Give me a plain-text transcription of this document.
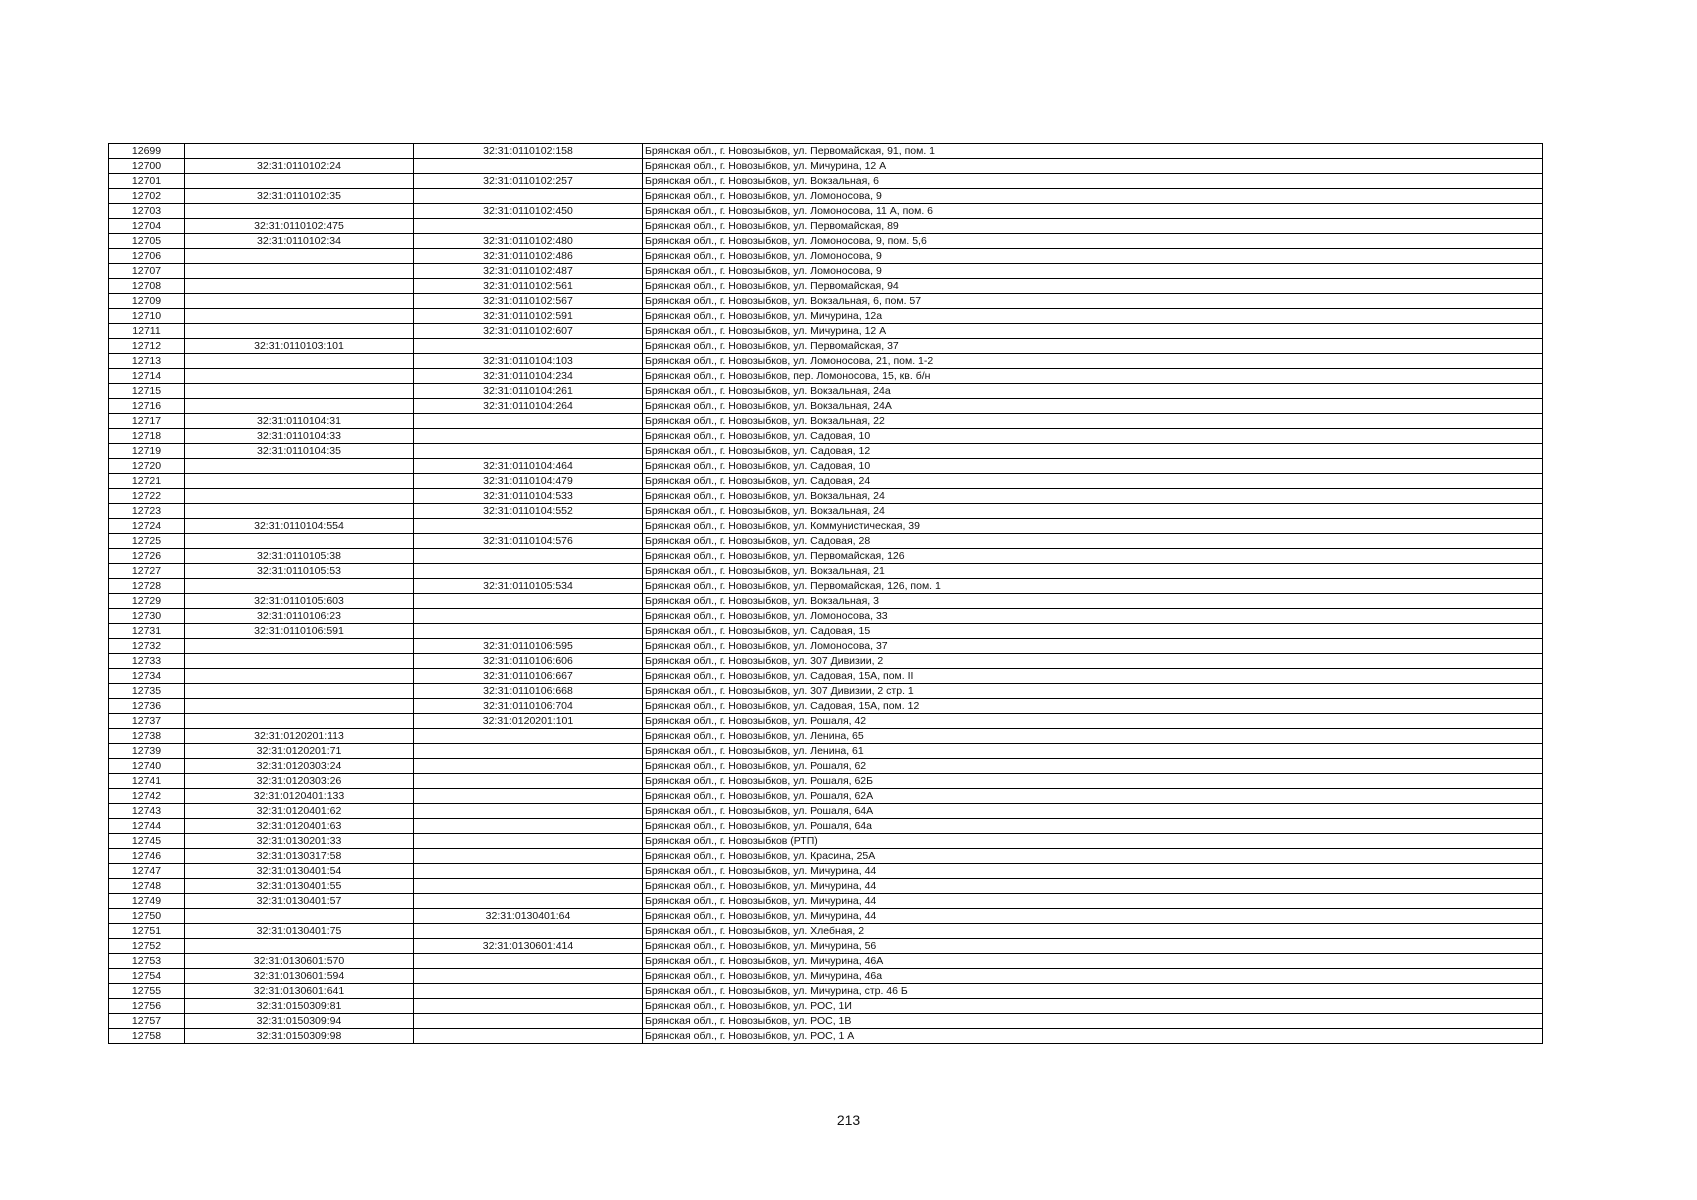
12699		32:31:0110102:158	Брянская обл., г. Новозыбков, ул. Первомайская, 91, пом. 1
12700	32:31:0110102:24		Брянская обл., г. Новозыбков, ул. Мичурина, 12 А
12701		32:31:0110102:257	Брянская обл., г. Новозыбков, ул. Вокзальная, 6
12702	32:31:0110102:35		Брянская обл., г. Новозыбков, ул. Ломоносова, 9
12703		32:31:0110102:450	Брянская обл., г. Новозыбков, ул. Ломоносова, 11 А, пом. 6
12704	32:31:0110102:475		Брянская обл., г. Новозыбков, ул. Первомайская, 89
12705	32:31:0110102:34	32:31:0110102:480	Брянская обл., г. Новозыбков, ул. Ломоносова, 9, пом. 5,6
12706		32:31:0110102:486	Брянская обл., г. Новозыбков, ул. Ломоносова, 9
12707		32:31:0110102:487	Брянская обл., г. Новозыбков, ул. Ломоносова, 9
12708		32:31:0110102:561	Брянская обл., г. Новозыбков, ул. Первомайская, 94
12709		32:31:0110102:567	Брянская обл., г. Новозыбков, ул. Вокзальная, 6, пом. 57
12710		32:31:0110102:591	Брянская обл., г. Новозыбков, ул. Мичурина, 12а
12711		32:31:0110102:607	Брянская обл., г. Новозыбков, ул. Мичурина, 12 А
12712	32:31:0110103:101		Брянская обл., г. Новозыбков, ул. Первомайская, 37
12713		32:31:0110104:103	Брянская обл., г. Новозыбков, ул. Ломоносова, 21, пом. 1-2
12714		32:31:0110104:234	Брянская обл., г. Новозыбков, пер. Ломоносова, 15, кв. б/н
12715		32:31:0110104:261	Брянская обл., г. Новозыбков, ул. Вокзальная, 24а
12716		32:31:0110104:264	Брянская обл., г. Новозыбков, ул. Вокзальная, 24А
12717	32:31:0110104:31		Брянская обл., г. Новозыбков, ул. Вокзальная, 22
12718	32:31:0110104:33		Брянская обл., г. Новозыбков, ул. Садовая, 10
12719	32:31:0110104:35		Брянская обл., г. Новозыбков, ул. Садовая, 12
12720		32:31:0110104:464	Брянская обл., г. Новозыбков, ул. Садовая, 10
12721		32:31:0110104:479	Брянская обл., г. Новозыбков, ул. Садовая, 24
12722		32:31:0110104:533	Брянская обл., г. Новозыбков, ул. Вокзальная, 24
12723		32:31:0110104:552	Брянская обл., г. Новозыбков, ул. Вокзальная, 24
12724	32:31:0110104:554		Брянская обл., г. Новозыбков, ул. Коммунистическая, 39
12725		32:31:0110104:576	Брянская обл., г. Новозыбков, ул. Садовая, 28
12726	32:31:0110105:38		Брянская обл., г. Новозыбков, ул. Первомайская, 126
12727	32:31:0110105:53		Брянская обл., г. Новозыбков, ул. Вокзальная, 21
12728		32:31:0110105:534	Брянская обл., г. Новозыбков, ул. Первомайская, 126, пом. 1
12729	32:31:0110105:603		Брянская обл., г. Новозыбков, ул. Вокзальная, 3
12730	32:31:0110106:23		Брянская обл., г. Новозыбков, ул. Ломоносова, 33
12731	32:31:0110106:591		Брянская обл., г. Новозыбков, ул. Садовая, 15
12732		32:31:0110106:595	Брянская обл., г. Новозыбков, ул. Ломоносова, 37
12733		32:31:0110106:606	Брянская обл., г. Новозыбков, ул. 307 Дивизии, 2
12734		32:31:0110106:667	Брянская обл., г. Новозыбков, ул. Садовая, 15А, пом. II
12735		32:31:0110106:668	Брянская обл., г. Новозыбков, ул. 307 Дивизии, 2 стр. 1
12736		32:31:0110106:704	Брянская обл., г. Новозыбков, ул. Садовая, 15А, пом. 12
12737		32:31:0120201:101	Брянская обл., г. Новозыбков, ул. Рошаля, 42
12738	32:31:0120201:113		Брянская обл., г. Новозыбков, ул. Ленина, 65
12739	32:31:0120201:71		Брянская обл., г. Новозыбков, ул. Ленина, 61
12740	32:31:0120303:24		Брянская обл., г. Новозыбков, ул. Рошаля, 62
12741	32:31:0120303:26		Брянская обл., г. Новозыбков, ул. Рошаля, 62Б
12742	32:31:0120401:133		Брянская обл., г. Новозыбков, ул. Рошаля, 62А
12743	32:31:0120401:62		Брянская обл., г. Новозыбков, ул. Рошаля, 64А
12744	32:31:0120401:63		Брянская обл., г. Новозыбков, ул. Рошаля, 64а
12745	32:31:0130201:33		Брянская обл., г. Новозыбков (РТП)
12746	32:31:0130317:58		Брянская обл., г. Новозыбков, ул. Красина, 25А
12747	32:31:0130401:54		Брянская обл., г. Новозыбков, ул. Мичурина, 44
12748	32:31:0130401:55		Брянская обл., г. Новозыбков, ул. Мичурина, 44
12749	32:31:0130401:57		Брянская обл., г. Новозыбков, ул. Мичурина, 44
12750		32:31:0130401:64	Брянская обл., г. Новозыбков, ул. Мичурина, 44
12751	32:31:0130401:75		Брянская обл., г. Новозыбков, ул. Хлебная, 2
12752		32:31:0130601:414	Брянская обл., г. Новозыбков, ул. Мичурина, 56
12753	32:31:0130601:570		Брянская обл., г. Новозыбков, ул. Мичурина, 46А
12754	32:31:0130601:594		Брянская обл., г. Новозыбков, ул. Мичурина, 46а
12755	32:31:0130601:641		Брянская обл., г. Новозыбков, ул. Мичурина, стр. 46 Б
12756	32:31:0150309:81		Брянская обл., г. Новозыбков, ул. РОС, 1И
12757	32:31:0150309:94		Брянская обл., г. Новозыбков, ул. РОС, 1В
12758	32:31:0150309:98		Брянская обл., г. Новозыбков, ул. РОС, 1 А
213
